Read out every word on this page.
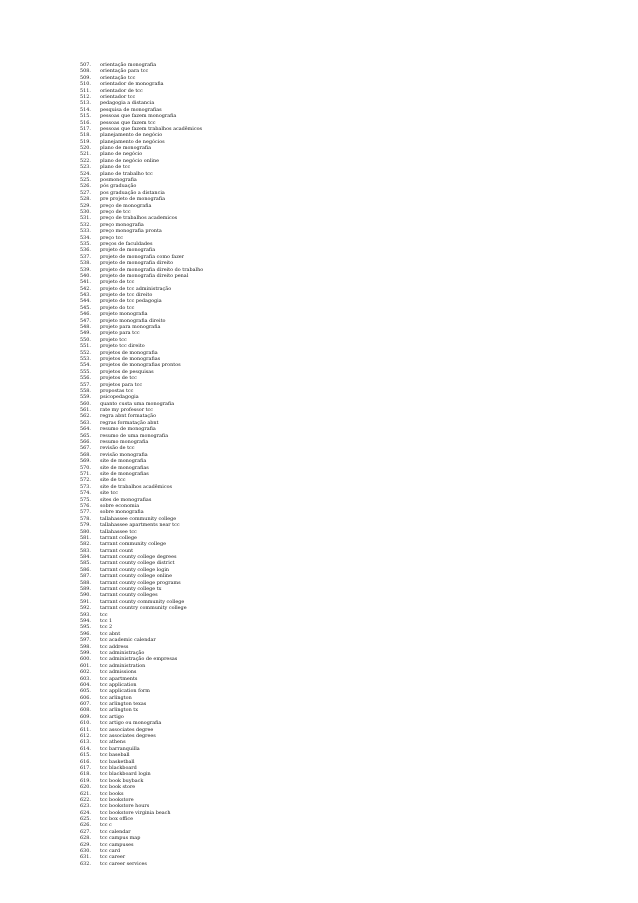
507.	orientação monografia
508.	orientação para tcc
509.	orientação tcc
510.	orientador de monografia
511.	orientador de tcc
512.	orientador tcc
513.	pedagogia a distancia
514.	pesquisa de monografias
515.	pessoas que fazem monografia
516.	pessoas que fazem tcc
517.	pessoas que fazem trabalhos acadêmicos
518.	planejamento de negócio
519.	planejamento de negócios
520.	plano de monografia
521.	plano de negócio
522.	plano de negócio online
523.	plano de tcc
524.	plano de trabalho tcc
525.	posmonografia
526.	pós graduação
527.	pos graduação a distancia
528.	pre projeto de monografia
529.	preço de monografia
530.	preço de tcc
531.	preço de trabalhos academicos
532.	preço monografia
533.	preço monografia pronta
534.	preço tcc
535.	preços de faculdades
536.	projeto de monografia
537.	projeto de monografia como fazer
538.	projeto de monografia direito
539.	projeto de monografia direito do trabalho
540.	projeto de monografia direito penal
541.	projeto de tcc
542.	projeto de tcc administração
543.	projeto de tcc direito
544.	projeto de tcc pedagogia
545.	projeto do tcc
546.	projeto monografia
547.	projeto monografia direito
548.	projeto para monografia
549.	projeto para tcc
550.	projeto tcc
551.	projeto tcc direito
552.	projetos de monografia
553.	projetos de monografias
554.	projetos de monografias prontos
555.	projetos de pesquisas
556.	projetos de tcc
557.	projetos para tcc
558.	propostas tcc
559.	psicopedagogia
560.	quanto custa uma monografia
561.	rate my professor tcc
562.	regra abnt formatação
563.	regras formatação abnt
564.	resumo de monografia
565.	resumo de uma monografia
566.	resumo monografia
567.	revisão de tcc
568.	revisão monografia
569.	site de monografia
570.	site de monografias
571.	site de monografias
572.	site de tcc
573.	site de trabalhos acadêmicos
574.	site tcc
575.	sites de monografias
576.	sobre economia
577.	sobre monografia
578.	tallahassee community college
579.	tallahassee apartments near tcc
580.	tallahassee tcc
581.	tarrant college
582.	tarrant community college
583.	tarrant count
584.	tarrant county college degrees
585.	tarrant county college district
586.	tarrant county college login
587.	tarrant county college online
588.	tarrant county college programs
589.	tarrant county college tx
590.	tarrant county colleges
591.	tarrant county community college
592.	tarrant country community college
593.	tcc
594.	tcc 1
595.	tcc 2
596.	tcc abnt
597.	tcc academic calendar
598.	tcc address
599.	tcc administração
600.	tcc administração de empresas
601.	tcc administration
602.	tcc admissions
603.	tcc apartments
604.	tcc application
605.	tcc application form
606.	tcc arlington
607.	tcc arlington texas
608.	tcc arlington tx
609.	tcc artigo
610.	tcc artigo ou monografia
611.	tcc associates degree
612.	tcc associates degrees
613.	tcc athens
614.	tcc barranquilla
615.	tcc baseball
616.	tcc basketball
617.	tcc blackboard
618.	tcc blackboard login
619.	tcc book buyback
620.	tcc book store
621.	tcc books
622.	tcc bookstore
623.	tcc bookstore hours
624.	tcc bookstore virginia beach
625.	tcc box office
626.	tcc c
627.	tcc calendar
628.	tcc campus map
629.	tcc campuses
630.	tcc card
631.	tcc career
632.	tcc career services
